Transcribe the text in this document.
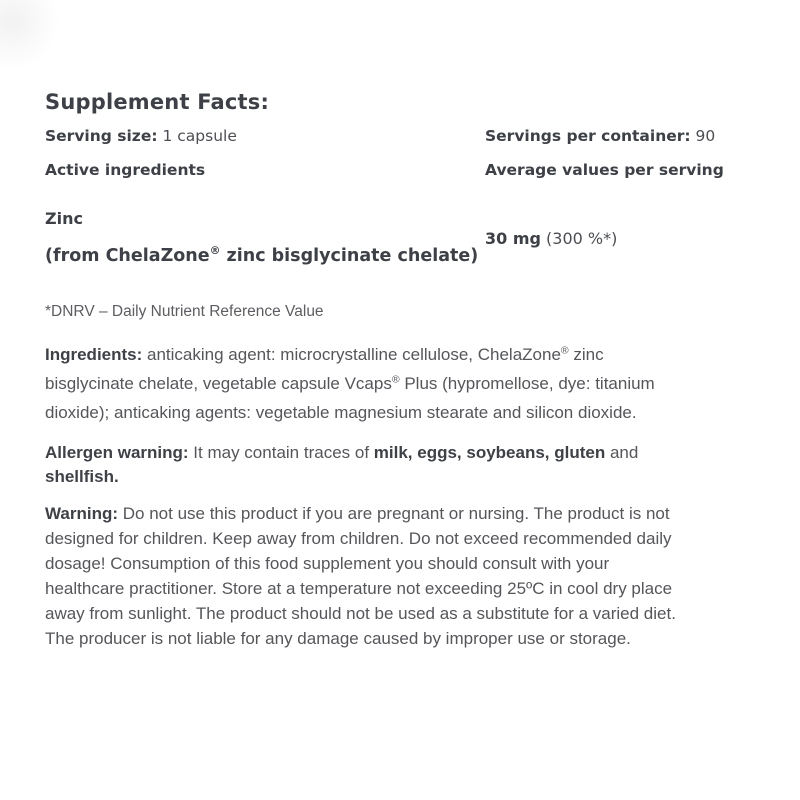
Supplement Facts:
Serving size: 1 capsule	Servings per container: 90
Active ingredients	Average values per serving
Zinc
30 mg (300 %*)
(from ChelaZone® zinc bisglycinate chelate)
*DNRV – Daily Nutrient Reference Value
Ingredients: anticaking agent: microcrystalline cellulose, ChelaZone® zinc
bisglycinate chelate, vegetable capsule Vcaps® Plus (hypromellose, dye: titanium
dioxide); anticaking agents: vegetable magnesium stearate and silicon dioxide.
Allergen warning: It may contain traces of milk, eggs, soybeans, gluten and
shellfish.
Warning: Do not use this product if you are pregnant or nursing. The product is not
designed for children. Keep away from children. Do not exceed recommended daily
dosage! Consumption of this food supplement you should consult with your
healthcare practitioner. Store at a temperature not exceeding 25ºC in cool dry place
away from sunlight. The product should not be used as a substitute for a varied diet.
The producer is not liable for any damage caused by improper use or storage.
